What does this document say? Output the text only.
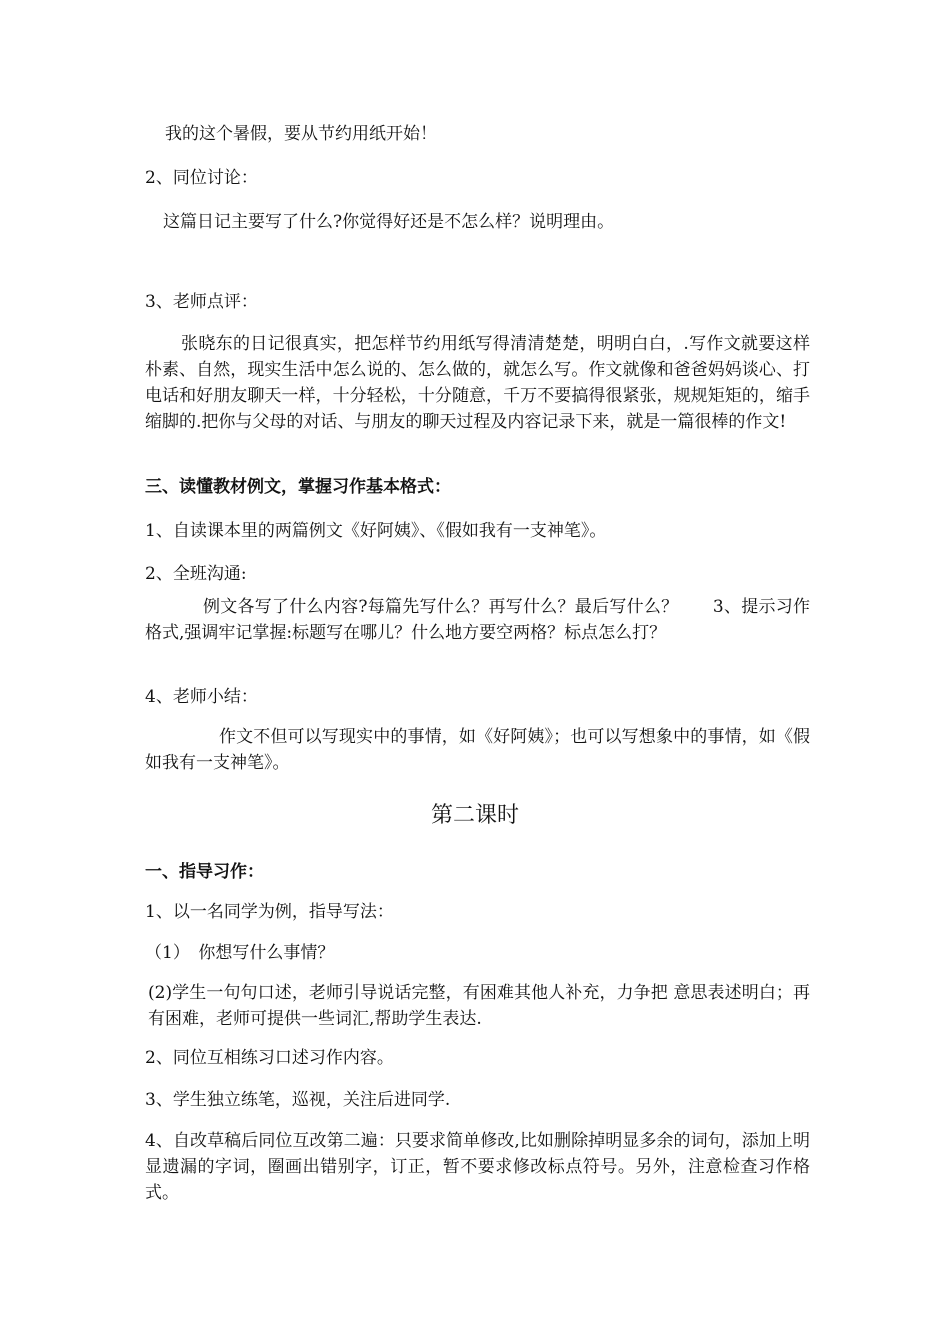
我的这个暑假，要从节约用纸开始！

2、同位讨论：

这篇日记主要写了什么?你觉得好还是不怎么样？说明理由。

3、老师点评：

张晓东的日记很真实，把怎样节约用纸写得清清楚楚，明明白白，.写作文就要这样朴素、自然，现实生活中怎么说的、怎么做的，就怎么写。作文就像和爸爸妈妈谈心、打电话和好朋友聊天一样，十分轻松，十分随意，千万不要搞得很紧张，规规矩矩的，缩手缩脚的.把你与父母的对话、与朋友的聊天过程及内容记录下来，就是一篇很棒的作文!

三、读懂教材例文，掌握习作基本格式：

1、自读课本里的两篇例文《好阿姨》、《假如我有一支神笔》。

2、全班沟通:

例文各写了什么内容?每篇先写什么？再写什么？最后写什么？　　3、提示习作格式,强调牢记掌握:标题写在哪儿？什么地方要空两格？标点怎么打？

4、老师小结：

作文不但可以写现实中的事情，如《好阿姨》；也可以写想象中的事情，如《假如我有一支神笔》。

第二课时

一、指导习作：

1、以一名同学为例，指导写法：

（1）　你想写什么事情？

(2)学生一句句口述，老师引导说话完整，有困难其他人补充，力争把 意思表述明白；再有困难，老师可提供一些词汇,帮助学生表达.

2、同位互相练习口述习作内容。

3、学生独立练笔，巡视，关注后进同学.

4、自改草稿后同位互改第二遍：只要求简单修改,比如删除掉明显多余的词句，添加上明显遗漏的字词，圈画出错别字，订正，暂不要求修改标点符号。另外，注意检查习作格式。
